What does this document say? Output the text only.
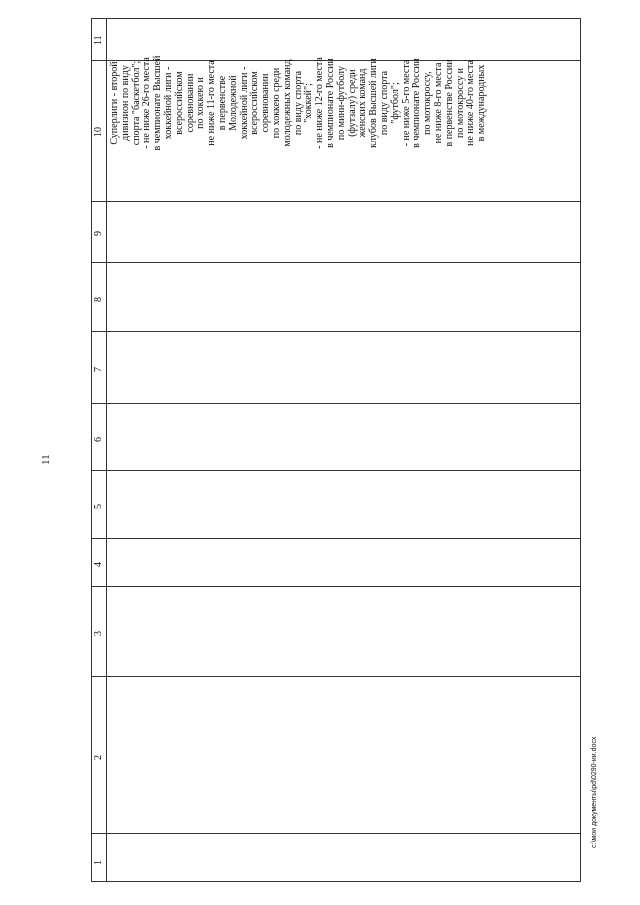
11
c:\мои документы\pd\0290-ии.docx
1
2
3
4
5
6
7
8
9
10
11
Суперлиги - второй дивизион по виду спорта "баскетбол"; - не ниже 26-го места в чемпионате Высшей хоккейной лиги - всероссийском соревновании по хоккею и не ниже 11-го места в первенстве Молодежной хоккейной лиги - всероссийском соревновании по хоккею среди молодежных команд по виду спорта "хоккей"; - не ниже 12-го места в чемпионате России по мини-футболу (футзалу) среди женских команд клубов Высшей лиги по виду спорта "футбол"; - не ниже 5-го места в чемпионате России по мотокроссу, не ниже 8-го места в первенстве России по мотокроссу и не ниже 40-го места в международных
